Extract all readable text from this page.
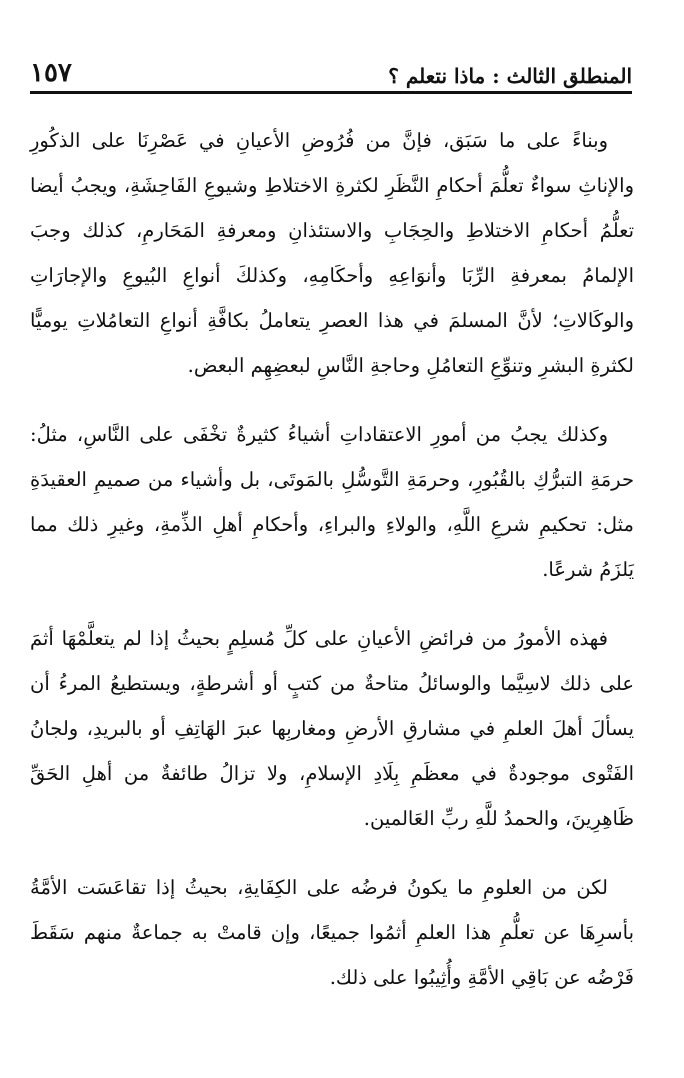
المنطلق الثالث : ماذا نتعلم ؟
١٥٧

وبناءً على ما سَبَق، فإنَّ من فُرُوضِ الأعيانِ في عَصْرِنَا على الذكُورِ والإناثِ سواءٌ تعلُّمَ أحكامِ النَّظَرِ لكثرةِ الاختلاطِ وشيوعِ الفَاحِشَةِ، ويجبُ أيضا تعلُّمُ أحكامِ الاختلاطِ والحِجَابِ والاستئذانِ ومعرفةِ المَحَارمِ، كذلك وجبَ الإلمامُ بمعرفةِ الرِّبَا وأنوَاعِهِ وأحكَامِهِ، وكذلكَ أنواعِ البُيوعِ والإجارَاتِ والوكَالاتِ؛ لأنَّ المسلمَ في هذا العصرِ يتعاملُ بكافَّةِ أنواعِ التعامُلاتِ يوميًّا لكثرةِ البشرِ وتنوِّعِ التعامُلِ وحاجةِ النَّاسِ لبعضِهِم البعض.

وكذلك يجبُ من أمورِ الاعتقاداتِ أشياءُ كثيرةٌ تخْفَى على النَّاسِ، مثلُ: حرمَةِ التبرُّكِ بالقُبُورِ، وحرمَةِ التَّوسُّلِ بالمَوتَى، بل وأشياء من صميمِ العقيدَةِ مثل: تحكيمِ شرعِ اللَّهِ، والولاءِ والبراءِ، وأحكامِ أهلِ الذِّمةِ، وغيرِ ذلك مما يَلزَمُ شرعًا.

فهذه الأمورُ من فرائضِ الأعيانِ على كلِّ مُسلِمٍ بحيثُ إذا لم يتعلَّمْهَا أثمَ على ذلك لاسِيَّما والوسائلُ متاحةٌ من كتبٍ أو أشرطةٍ، ويستطيعُ المرءُ أن يسألَ أهلَ العلمِ في مشارقِ الأرضِ ومغاربِها عبرَ الهَاتِفِ أو بالبريدِ، ولجانُ الفَتْوى موجودةٌ في معظَمِ بِلَادِ الإسلامِ، ولا تزالُ طائفةٌ من أهلِ الحَقِّ ظَاهِرِينَ، والحمدُ للَّهِ ربِّ العَالمين.

لكن من العلومِ ما يكونُ فرضُه على الكِفَايةِ، بحيثُ إذا تقاعَسَت الأمَّةُ بأسرِهَا عن تعلُّمِ هذا العلمِ أثمُوا جميعًا، وإن قامتْ به جماعةٌ منهم سَقَطَ فَرْضُه عن بَاقِي الأمَّةِ وأُثِيبُوا على ذلك.
